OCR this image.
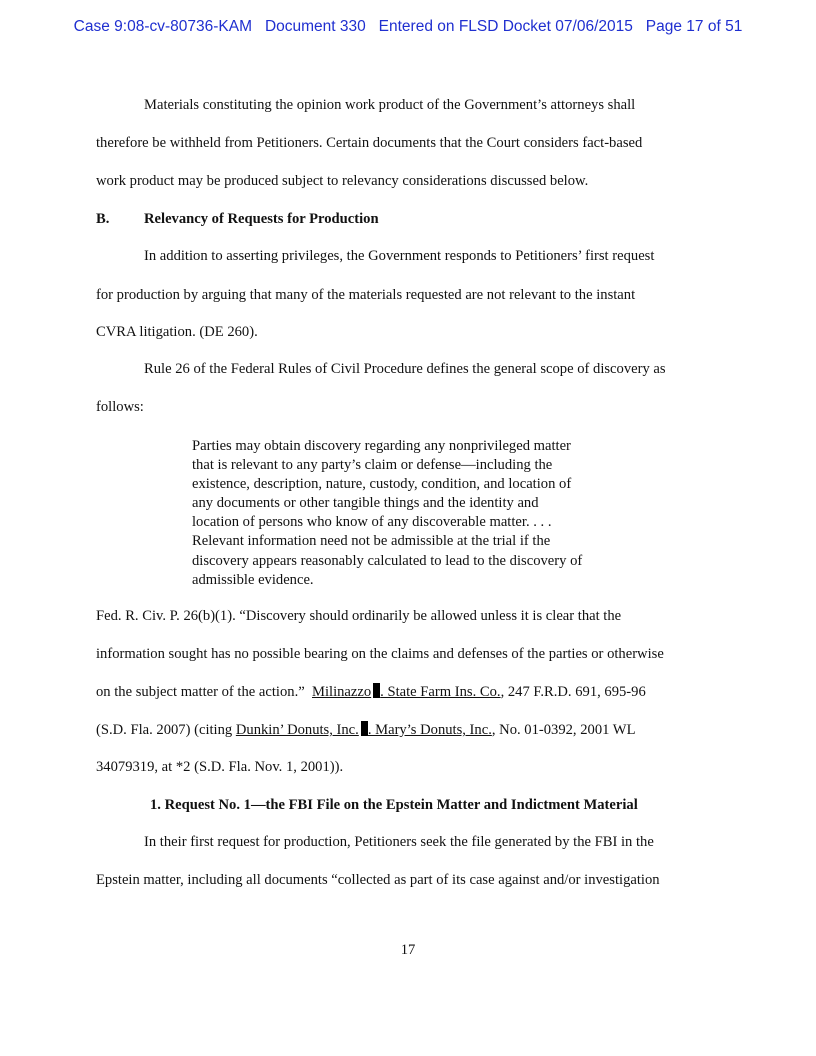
Case 9:08-cv-80736-KAM Document 330 Entered on FLSD Docket 07/06/2015 Page 17 of 51
Materials constituting the opinion work product of the Government’s attorneys shall
therefore be withheld from Petitioners. Certain documents that the Court considers fact-based
work product may be produced subject to relevancy considerations discussed below.
B. Relevancy of Requests for Production
In addition to asserting privileges, the Government responds to Petitioners’ first request
for production by arguing that many of the materials requested are not relevant to the instant
CVRA litigation. (DE 260).
Rule 26 of the Federal Rules of Civil Procedure defines the general scope of discovery as
follows:
Parties may obtain discovery regarding any nonprivileged matter
that is relevant to any party’s claim or defense—including the
existence, description, nature, custody, condition, and location of
any documents or other tangible things and the identity and
location of persons who know of any discoverable matter. . . .
Relevant information need not be admissible at the trial if the
discovery appears reasonably calculated to lead to the discovery of
admissible evidence.
Fed. R. Civ. P. 26(b)(1). “Discovery should ordinarily be allowed unless it is clear that the
information sought has no possible bearing on the claims and defenses of the parties or otherwise
on the subject matter of the action.”  Milinazzo . State Farm Ins. Co., 247 F.R.D. 691, 695-96
(S.D. Fla. 2007) (citing Dunkin’ Donuts, Inc. . Mary’s Donuts, Inc., No. 01-0392, 2001 WL
34079319, at *2 (S.D. Fla. Nov. 1, 2001)).
1. Request No. 1—the FBI File on the Epstein Matter and Indictment Material
In their first request for production, Petitioners seek the file generated by the FBI in the
Epstein matter, including all documents “collected as part of its case against and/or investigation
17
